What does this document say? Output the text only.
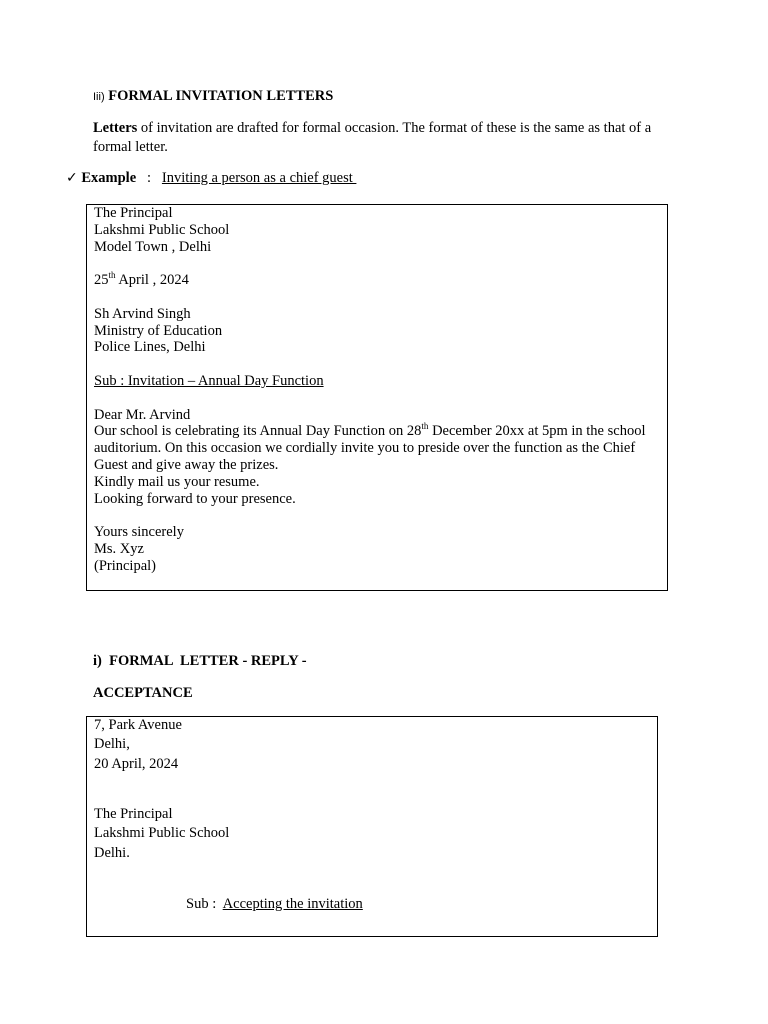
Iii) FORMAL INVITATION LETTERS
Letters of invitation are drafted for formal occasion. The format of these is the same as that of a formal letter.
✓ Example : Inviting a person as a chief guest
The Principal
Lakshmi Public School
Model Town , Delhi
25th April , 2024
Sh Arvind Singh
Ministry of Education
Police Lines, Delhi
Sub : Invitation – Annual Day Function
Dear Mr. Arvind
Our school is celebrating its Annual Day Function on 28th December 20xx at 5pm in the school auditorium. On this occasion we cordially invite you to preside over the function as the Chief Guest and give away the prizes.
Kindly mail us your resume.
Looking forward to your presence.
Yours sincerely
Ms. Xyz
(Principal)
i)  FORMAL  LETTER - REPLY -
ACCEPTANCE
7, Park Avenue
Delhi,
20 April, 2024
The Principal
Lakshmi Public School
Delhi.
Sub :  Accepting the invitation
